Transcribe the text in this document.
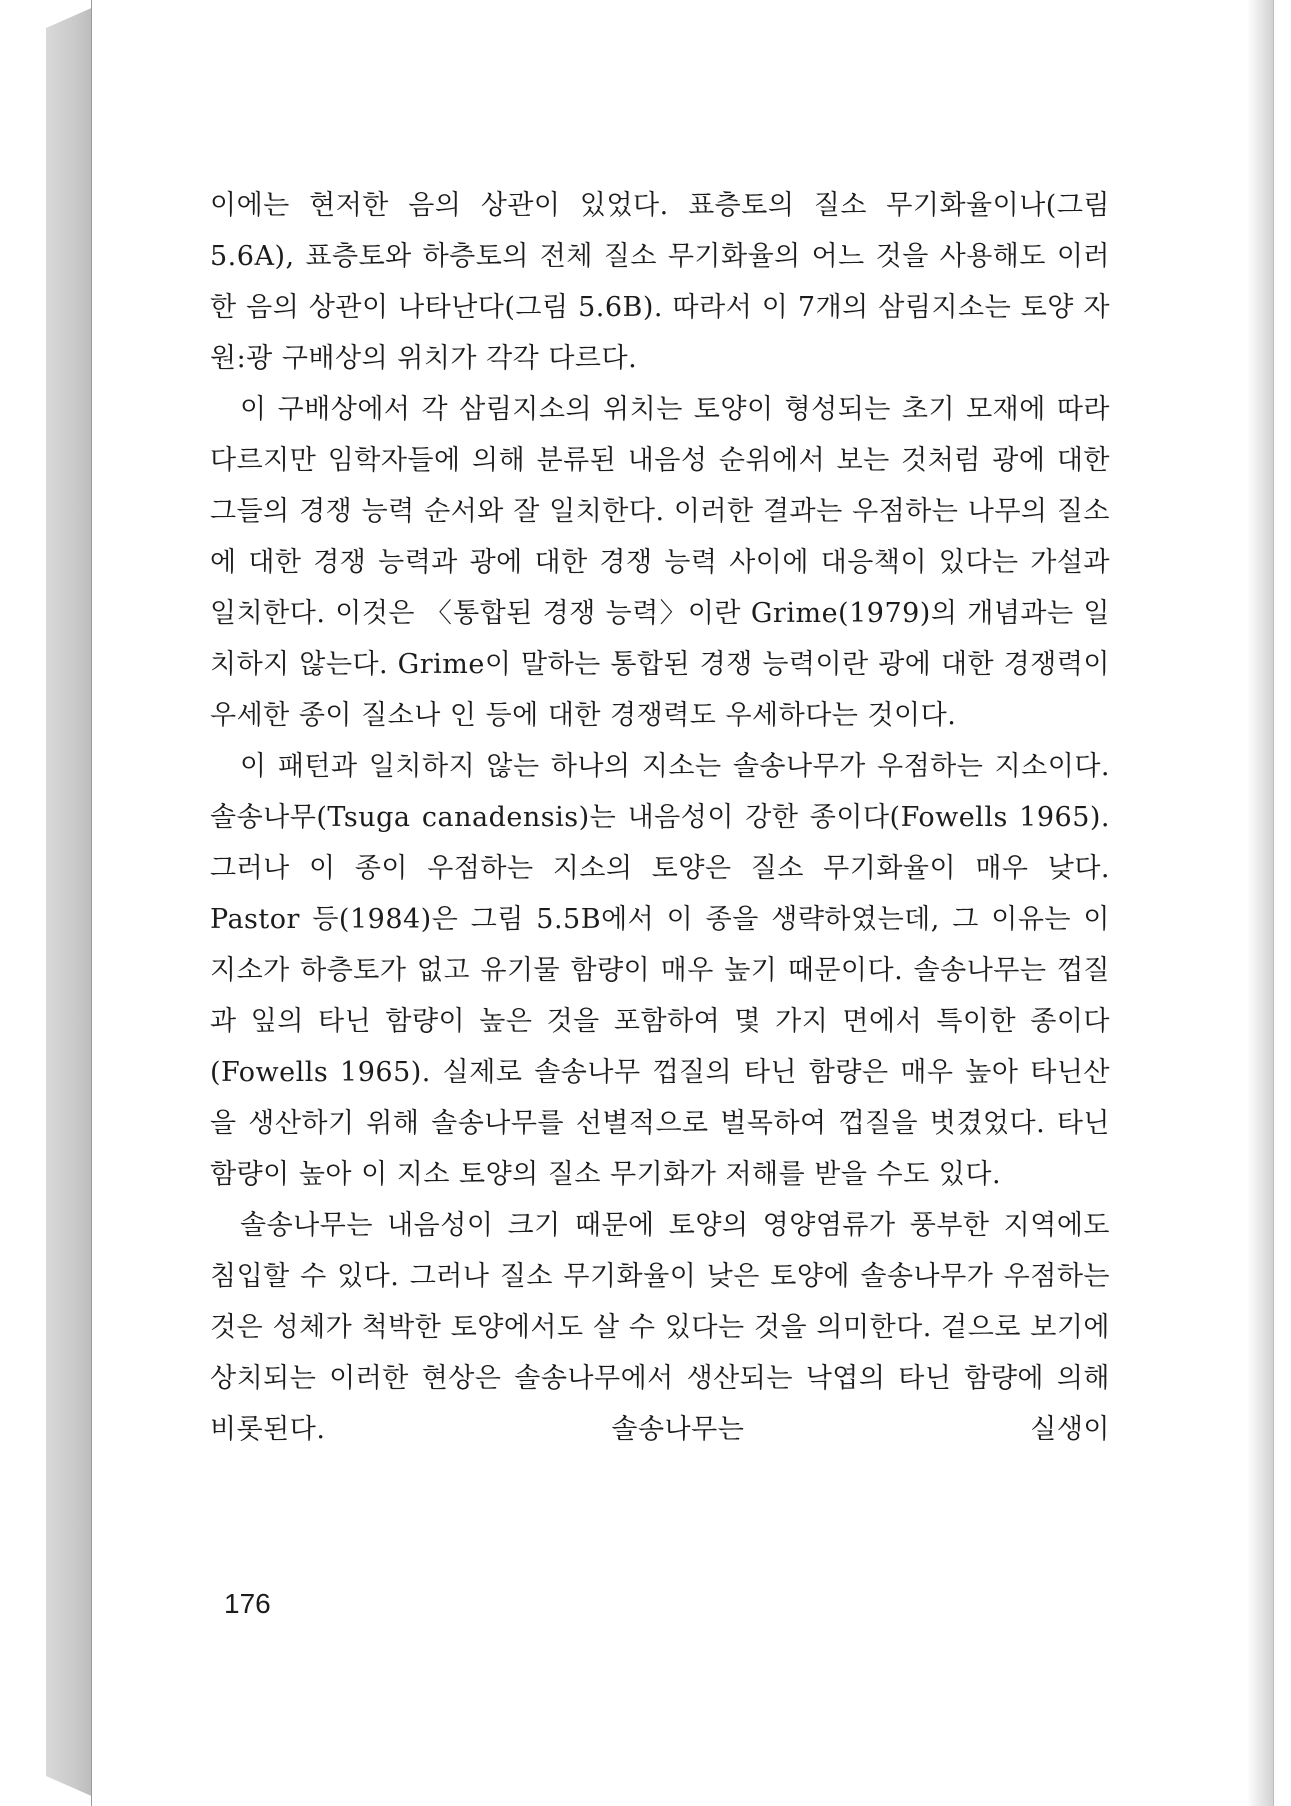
이에는 현저한 음의 상관이 있었다. 표층토의 질소 무기화율이나(그림 5.6A), 표층토와 하층토의 전체 질소 무기화율의 어느 것을 사용해도 이러한 음의 상관이 나타난다(그림 5.6B). 따라서 이 7개의 삼림지소는 토양 자원:광 구배상의 위치가 각각 다르다.

이 구배상에서 각 삼림지소의 위치는 토양이 형성되는 초기 모재에 따라 다르지만 임학자들에 의해 분류된 내음성 순위에서 보는 것처럼 광에 대한 그들의 경쟁 능력 순서와 잘 일치한다. 이러한 결과는 우점하는 나무의 질소에 대한 경쟁 능력과 광에 대한 경쟁 능력 사이에 대응책이 있다는 가설과 일치한다. 이것은 〈통합된 경쟁 능력〉이란 Grime(1979)의 개념과는 일치하지 않는다. Grime이 말하는 통합된 경쟁 능력이란 광에 대한 경쟁력이 우세한 종이 질소나 인 등에 대한 경쟁력도 우세하다는 것이다.

이 패턴과 일치하지 않는 하나의 지소는 솔송나무가 우점하는 지소이다. 솔송나무(Tsuga canadensis)는 내음성이 강한 종이다(Fowells 1965). 그러나 이 종이 우점하는 지소의 토양은 질소 무기화율이 매우 낮다. Pastor 등(1984)은 그림 5.5B에서 이 종을 생략하였는데, 그 이유는 이 지소가 하층토가 없고 유기물 함량이 매우 높기 때문이다. 솔송나무는 껍질과 잎의 타닌 함량이 높은 것을 포함하여 몇 가지 면에서 특이한 종이다(Fowells 1965). 실제로 솔송나무 껍질의 타닌 함량은 매우 높아 타닌산을 생산하기 위해 솔송나무를 선별적으로 벌목하여 껍질을 벗겼었다. 타닌 함량이 높아 이 지소 토양의 질소 무기화가 저해를 받을 수도 있다.

솔송나무는 내음성이 크기 때문에 토양의 영양염류가 풍부한 지역에도 침입할 수 있다. 그러나 질소 무기화율이 낮은 토양에 솔송나무가 우점하는 것은 성체가 척박한 토양에서도 살 수 있다는 것을 의미한다. 겉으로 보기에 상치되는 이러한 현상은 솔송나무에서 생산되는 낙엽의 타닌 함량에 의해 비롯된다. 솔송나무는 실생이

176
